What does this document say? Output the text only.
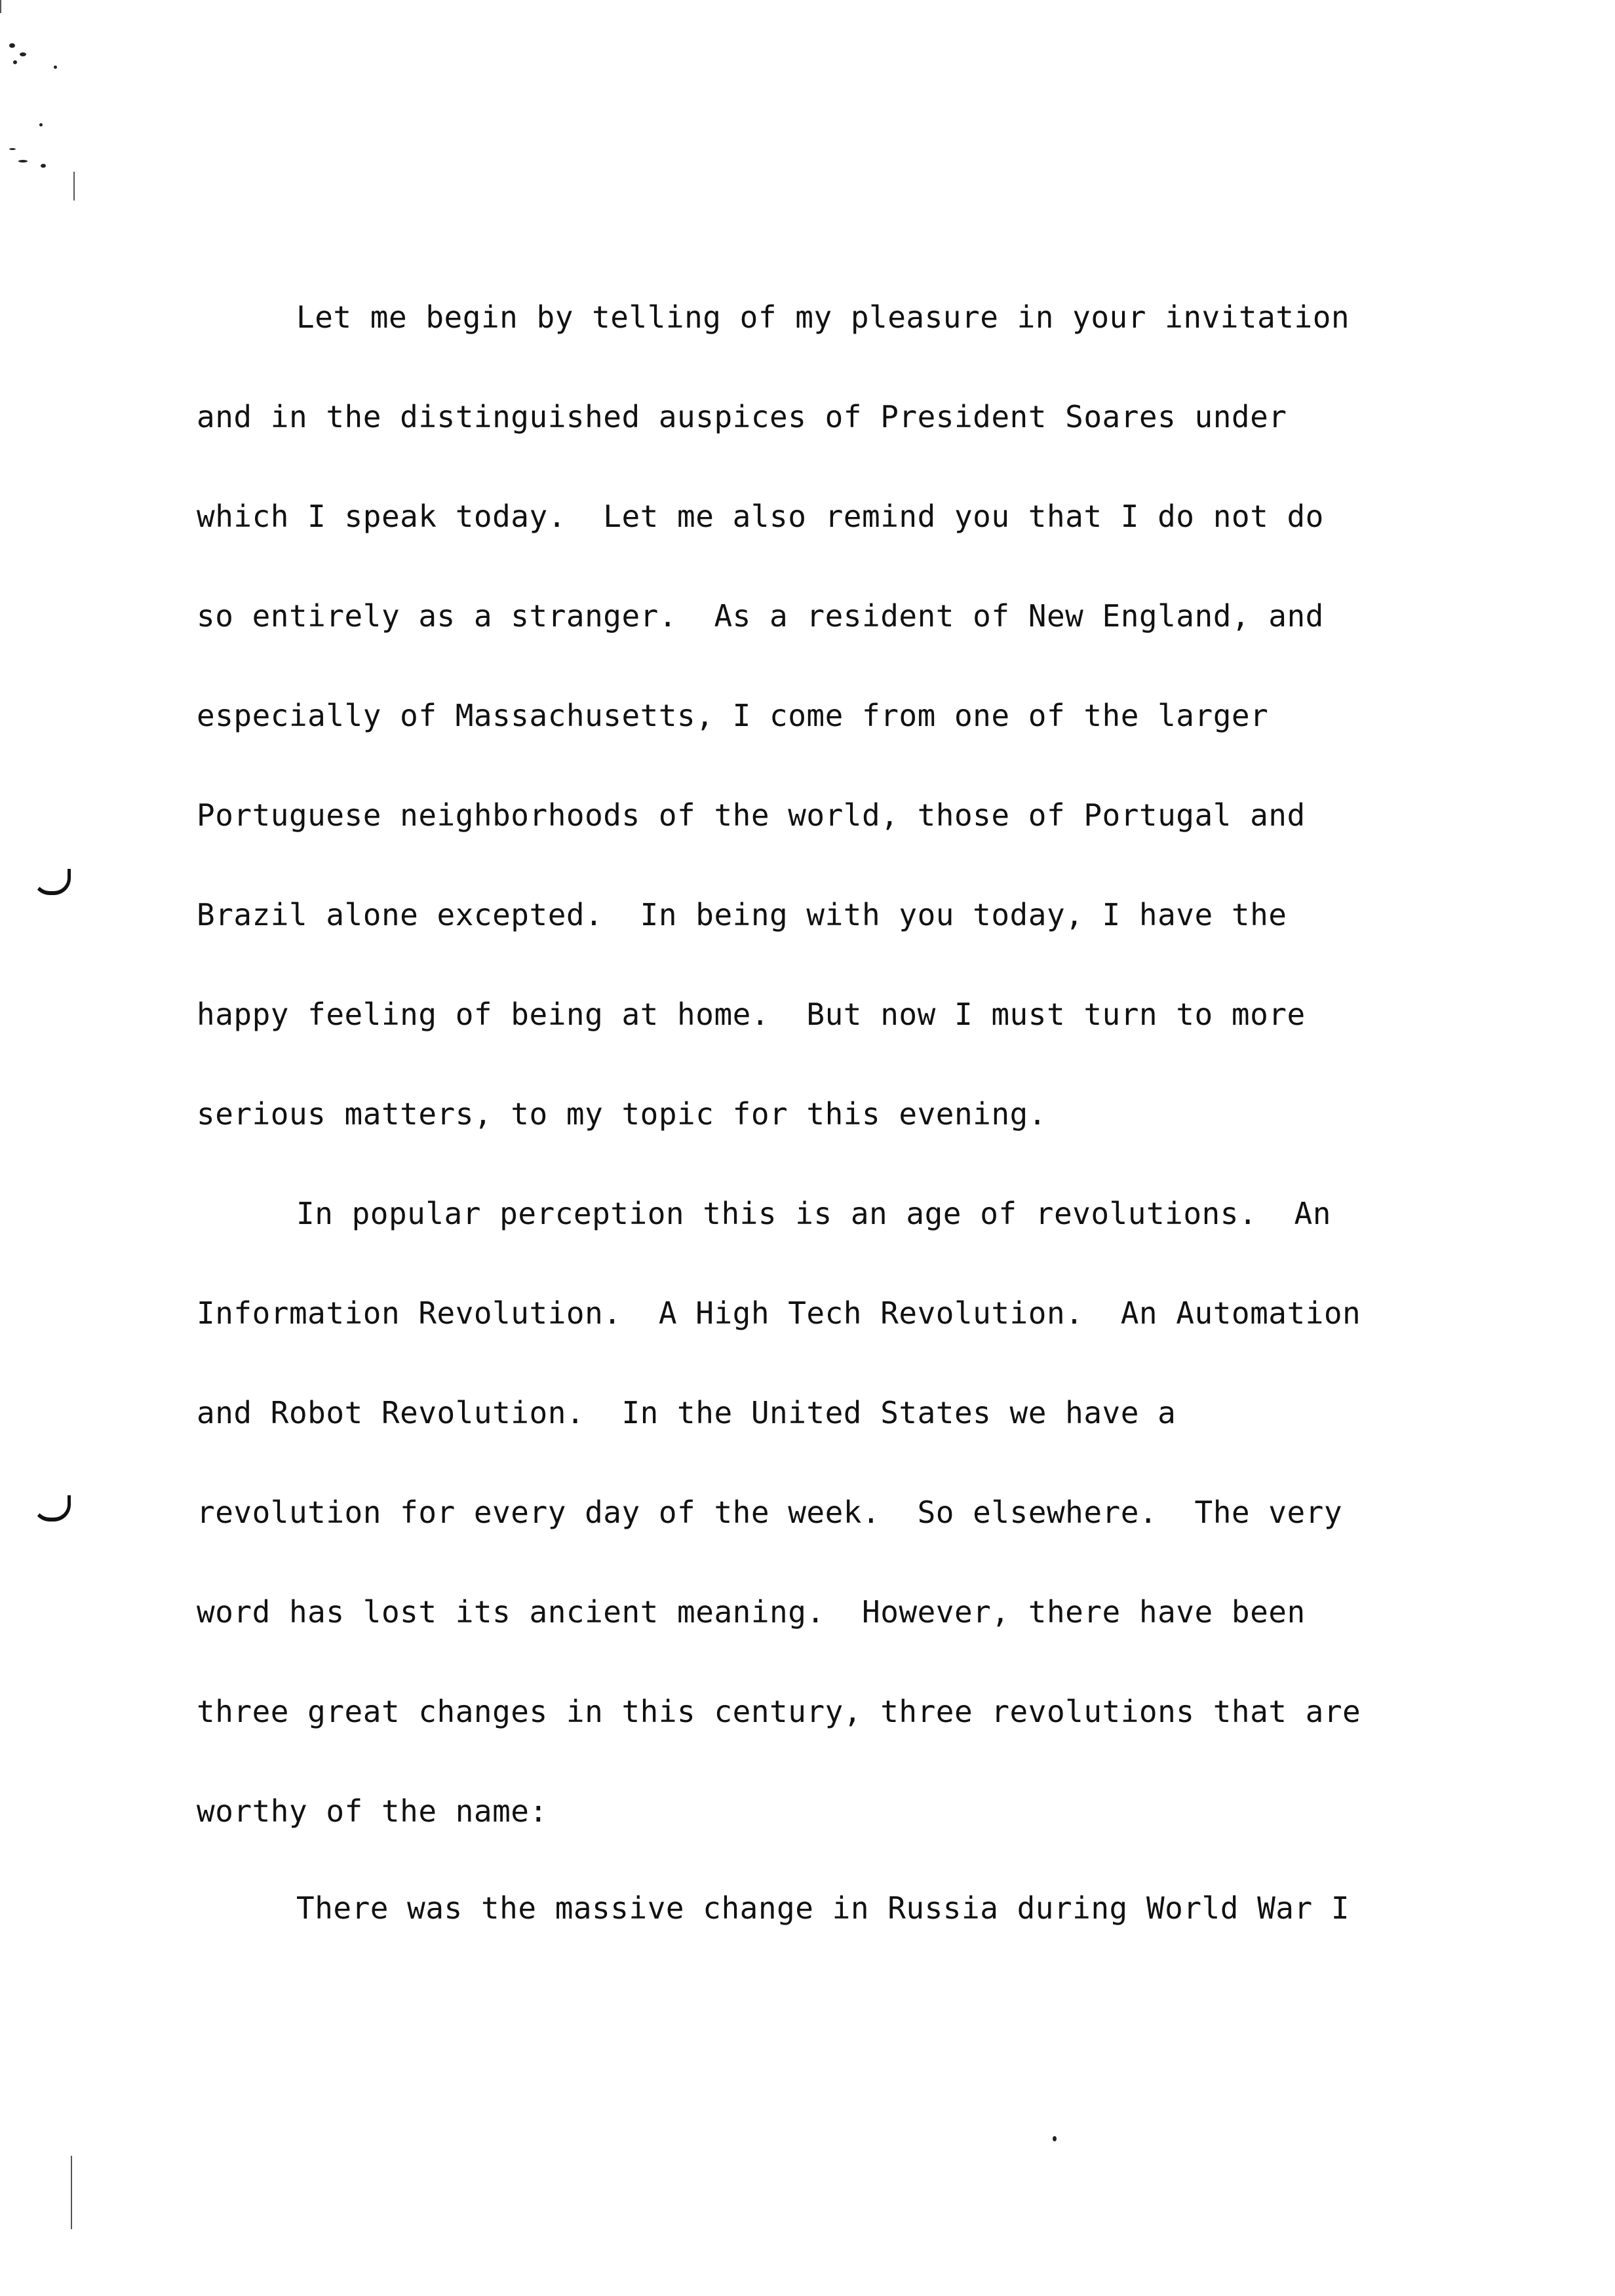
Let me begin by telling of my pleasure in your invitation

and in the distinguished auspices of President Soares under

which I speak today.  Let me also remind you that I do not do

so entirely as a stranger.  As a resident of New England, and

especially of Massachusetts, I come from one of the larger

Portuguese neighborhoods of the world, those of Portugal and

Brazil alone excepted.  In being with you today, I have the

happy feeling of being at home.  But now I must turn to more

serious matters, to my topic for this evening.

In popular perception this is an age of revolutions.  An

Information Revolution.  A High Tech Revolution.  An Automation

and Robot Revolution.  In the United States we have a

revolution for every day of the week.  So elsewhere.  The very

word has lost its ancient meaning.  However, there have been

three great changes in this century, three revolutions that are

worthy of the name:

There was the massive change in Russia during World War I
